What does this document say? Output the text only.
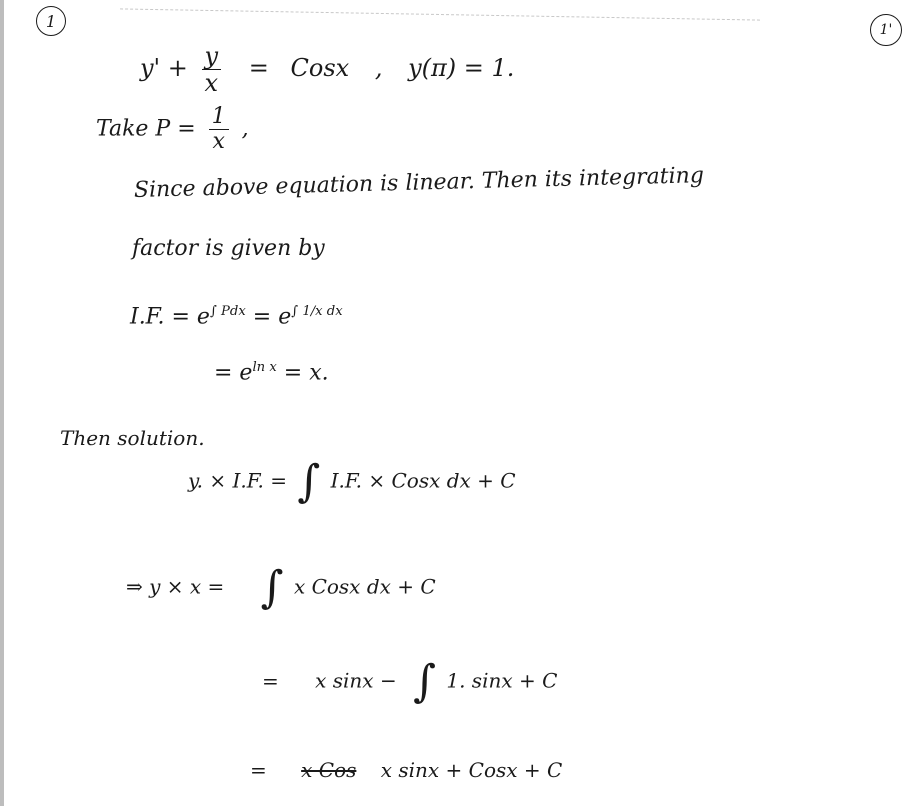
1	1'
$y' + \frac{y}{x}$ = Cosx , y(π) = 1.
Take $P = \frac{1}{x}$ ,
Since above equation is linear. Then its integrating
factor is given by
I.F. = $e^{\int Pdx} = e^{\int 1/x dx}$
= $e^{ln x} = x$.
Then solution.
y. × I.F. = ∫ I.F. × Cosx dx + C
⇒ y × x = ∫ x Cosx dx + C
= x sinx − ∫ 1. sinx + C
= x Cos x sinx + Cosx + C
